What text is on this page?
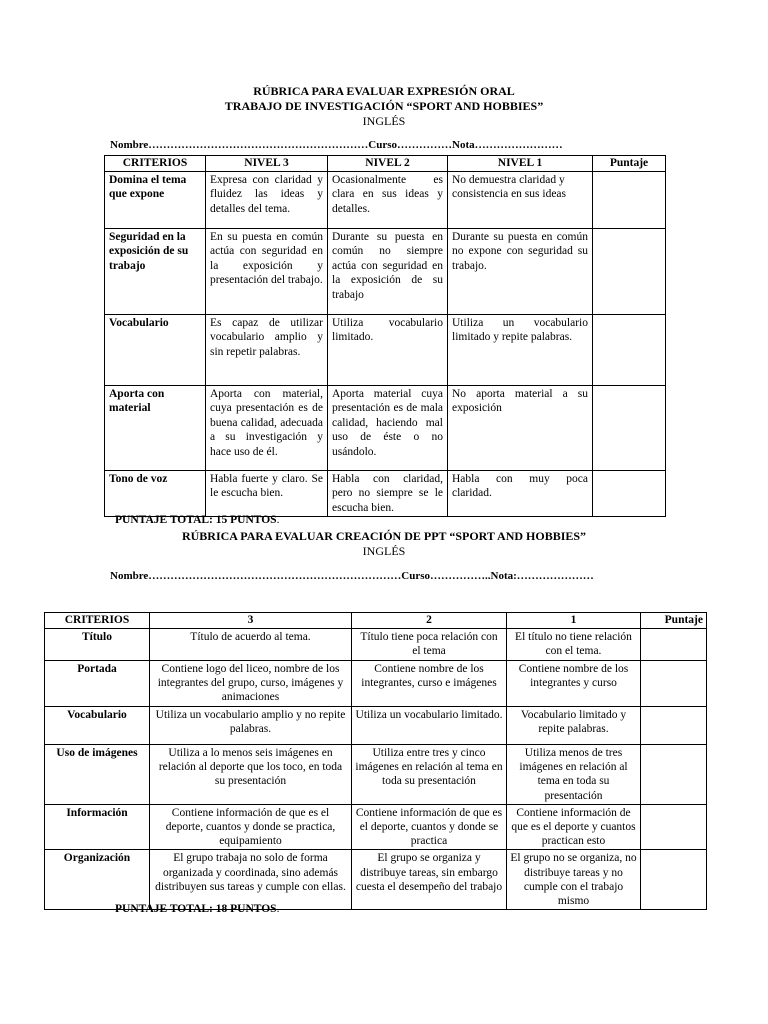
RÚBRICA PARA EVALUAR EXPRESIÓN ORAL
TRABAJO DE INVESTIGACIÓN “SPORT AND HOBBIES”
INGLÉS
Nombre……………………………………………………Curso……………Nota……………………
CRITERIOS	NIVEL 3	NIVEL 2	NIVEL 1	Puntaje
Domina el tema que expone	Expresa con claridad y fluidez las ideas y detalles del tema.	Ocasionalmente es clara en sus ideas y detalles.	No demuestra claridad y consistencia en sus ideas	
Seguridad en la exposición de su trabajo	En su puesta en común actúa con seguridad en la exposición y presentación del trabajo.	Durante su puesta en común no siempre actúa con seguridad en la exposición de su trabajo	Durante su puesta en común no expone con seguridad su trabajo.	
Vocabulario	Es capaz de utilizar vocabulario amplio y sin repetir palabras.	Utiliza vocabulario limitado.	Utiliza un vocabulario limitado y repite palabras.	
Aporta con material	Aporta con material, cuya presentación es de buena calidad, adecuada a su investigación y hace uso de él.	Aporta material cuya presentación es de mala calidad, haciendo mal uso de éste o no usándolo.	No aporta material a su exposición	
Tono de voz	Habla fuerte y claro. Se le escucha bien.	Habla con claridad, pero no siempre se le escucha bien.	Habla con muy poca claridad.	
PUNTAJE TOTAL: 15 PUNTOS.
RÚBRICA PARA EVALUAR CREACIÓN DE PPT “SPORT AND HOBBIES”
INGLÉS
Nombre……………………………………………………………Curso……………..Nota:…………………
CRITERIOS	3	2	1	Puntaje
Título	Título de acuerdo al tema.	Título tiene poca relación con el tema	El título no tiene relación con el tema.	
Portada	Contiene logo del liceo, nombre de los integrantes del grupo, curso, imágenes y animaciones	Contiene nombre de los integrantes, curso e imágenes	Contiene nombre de los integrantes y curso	
Vocabulario	Utiliza un vocabulario amplio y no repite palabras.	Utiliza un vocabulario limitado.	Vocabulario limitado y repite palabras.	
Uso de imágenes	Utiliza a lo menos seis imágenes en relación al deporte que los toco, en toda su presentación	Utiliza entre tres y cinco imágenes en relación al tema en toda su presentación	Utiliza menos de tres imágenes en relación al tema en toda su presentación	
Información	Contiene información de que es el deporte, cuantos y donde se practica, equipamiento	Contiene información de que es el deporte, cuantos y donde se practica	Contiene información de que es el deporte y cuantos practican esto	
Organización	El grupo trabaja no solo de forma organizada y coordinada, sino además distribuyen sus tareas y cumple con ellas.	El grupo se organiza y distribuye tareas, sin embargo cuesta el desempeño del trabajo	El grupo no se organiza, no distribuye tareas y no cumple con el trabajo mismo	
PUNTAJE TOTAL: 18 PUNTOS.
